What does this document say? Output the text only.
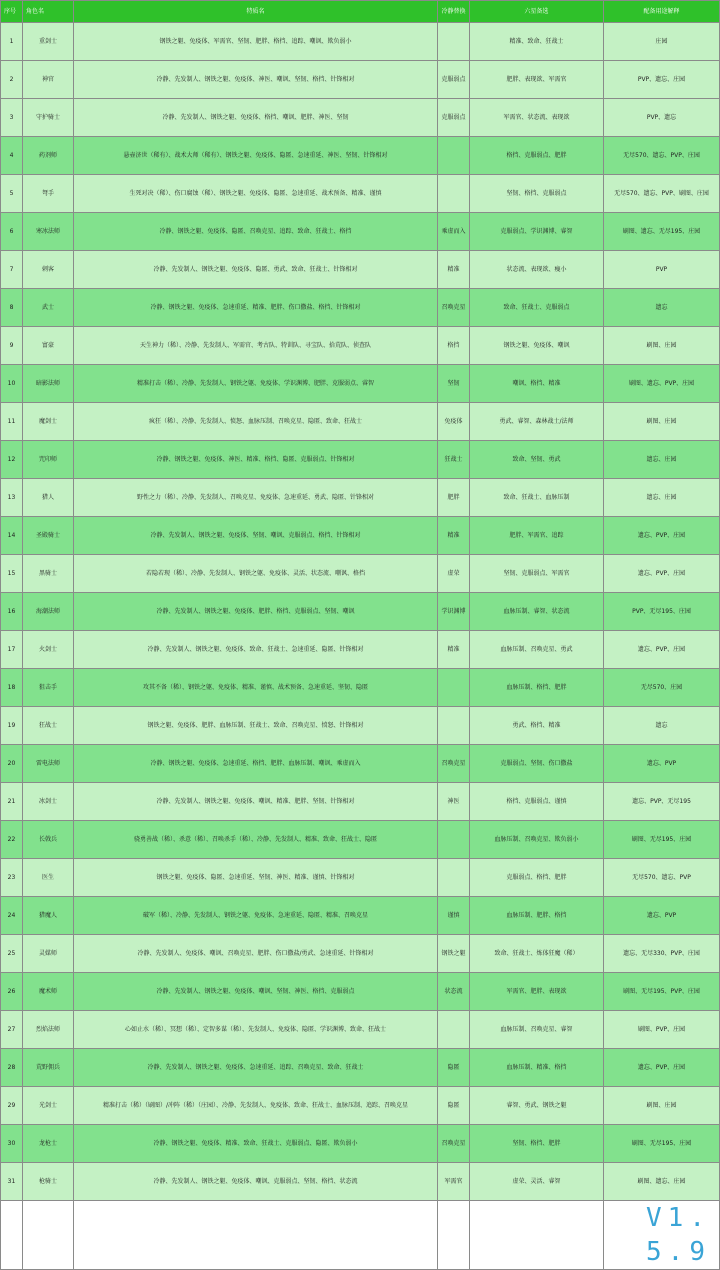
序号	角色名	特质名	冷静替换	六星备选	配备用途解释
1	重剑士	钢铁之躯、免疫体、军需官、坚韧、肥胖、格挡、追踪、嘲讽、欺负弱小		精准、致命、狂战士	庄园
2	神官	冷静、先发制人、钢铁之躯、免疫体、神医、嘲讽、坚韧、格挡、针锋相对	克服弱点	肥胖、表现欲、军需官	PVP、遗忘、庄园
3	守护骑士	冷静、先发制人、钢铁之躯、免疫体、格挡、嘲讽、肥胖、神医、坚韧	克服弱点	军需官、状态流、表现欲	PVP、遗忘
4	药剂师	悬壶济世（稀有）、战术大师（稀有）、钢铁之躯、免疫体、隐匿、急速重延、神医、坚韧、针锋相对		格挡、克服弱点、肥胖	无尽570、遗忘、PVP、庄园
5	弩手	生死对决（稀）、伤口腐蚀（稀）、钢铁之躯、免疫体、隐匿、急速重延、战术预备、精准、谨慎		坚韧、格挡、克服弱点	无尽570、遗忘、PVP、刷图、庄园
6	寒冰法师	冷静、钢铁之躯、免疫体、隐匿、召唤克星、追踪、致命、狂战士、格挡	乘虚而入	克服弱点、学识渊博、睿智	刷图、遗忘、无尽195、庄园
7	刺客	冷静、先发制人、钢铁之躯、免疫体、隐匿、勇武、致命、狂战士、针锋相对	精准	状态流、表现欲、瘦小	PVP
8	武士	冷静、钢铁之躯、免疫体、急速重延、精准、肥胖、伤口撒盐、格挡、针锋相对	召唤克星	致命、狂战士、克服弱点	遗忘
9	富豪	天生神力（稀）、冷静、先发制人、军需官、考古队、特训队、寻宝队、拾荒队、侦查队	格挡	钢铁之躯、免疫体、嘲讽	刷图、庄园
10	暗影法师	精准打击（稀）、冷静、先发制人、钢铁之躯、免疫体、学识渊博、肥胖、克服弱点、睿智	坚韧	嘲讽、格挡、精准	刷图、遗忘、PVP、庄园
11	魔剑士	疯狂（稀）、冷静、先发制人、愤怒、血脉压制、召唤克星、隐匿、致命、狂战士	免疫体	勇武、睿智、森林战士/法师	刷图、庄园
12	咒印师	冷静、钢铁之躯、免疫体、神医、精准、格挡、隐匿、克服弱点、针锋相对	狂战士	致命、坚韧、勇武	遗忘、庄园
13	猎人	野性之力（稀）、冷静、先发制人、召唤克星、免疫体、急速重延、勇武、隐匿、针锋相对	肥胖	致命、狂战士、血脉压制	遗忘、庄园
14	圣殿骑士	冷静、先发制人、钢铁之躯、免疫体、坚韧、嘲讽、克服弱点、格挡、针锋相对	精准	肥胖、军需官、追踪	遗忘、PVP、庄园
15	黑骑士	若隐若现（稀）、冷静、先发制人、钢铁之躯、免疫体、灵活、状态流、嘲讽、格挡	虚荣	坚韧、克服弱点、军需官	遗忘、PVP、庄园
16	海潮法师	冷静、先发制人、钢铁之躯、免疫体、肥胖、格挡、克服弱点、坚韧、嘲讽	学识渊博	血脉压制、睿智、状态流	PVP、无尽195、庄园
17	火剑士	冷静、先发制人、钢铁之躯、免疫体、致命、狂战士、急速重延、隐匿、针锋相对	精准	血脉压制、召唤克星、勇武	遗忘、PVP、庄园
18	狙击手	攻其不备（稀）、钢铁之躯、免疫体、精准、谨慎、战术预备、急速重延、坚韧、隐匿		血脉压制、格挡、肥胖	无尽570、庄园
19	狂战士	钢铁之躯、免疫体、肥胖、血脉压制、狂战士、致命、召唤克星、愤怒、针锋相对		勇武、格挡、精准	遗忘
20	雷电法师	冷静、钢铁之躯、免疫体、急速重延、格挡、肥胖、血脉压制、嘲讽、乘虚而入	召唤克星	克服弱点、坚韧、伤口撒盐	遗忘、PVP
21	冰剑士	冷静、先发制人、钢铁之躯、免疫体、嘲讽、精准、肥胖、坚韧、针锋相对	神医	格挡、克服弱点、谨慎	遗忘、PVP、无尽195
22	长戟兵	骁勇善战（稀）、杀意（稀）、召唤杀手（稀）、冷静、先发制人、精准、致命、狂战士、隐匿		血脉压制、召唤克星、欺负弱小	刷图、无尽195、庄园
23	医生	钢铁之躯、免疫体、隐匿、急速重延、坚韧、神医、精准、谨慎、针锋相对		克服弱点、格挡、肥胖	无尽570、遗忘、PVP
24	猎魔人	破军（稀）、冷静、先发制人、钢铁之躯、免疫体、急速重延、隐匿、精准、召唤克星	谨慎	血脉压制、肥胖、格挡	遗忘、PVP
25	灵媒师	冷静、先发制人、免疫体、嘲讽、召唤克星、肥胖、伤口撒盐/勇武、急速重延、针锋相对	钢铁之躯	致命、狂战士、炼体狂魔（稀）	遗忘、无尽330、PVP、庄园
26	魔术师	冷静、先发制人、钢铁之躯、免疫体、嘲讽、坚韧、神医、格挡、克服弱点	状态流	军需官、肥胖、表现欲	刷图、无尽195、PVP、庄园
27	烈焰法师	心如止水（稀）、冥想（稀）、定智多谋（稀）、先发制人、免疫体、隐匿、学识渊博、致命、狂战士		血脉压制、召唤克星、睿智	刷图、PVP、庄园
28	荒野佣兵	冷静、先发制人、钢铁之躯、免疫体、急速重延、追踪、召唤克星、致命、狂战士	隐匿	血脉压制、精准、格挡	遗忘、PVP、庄园
29	光剑士	精准打击（稀）（刷图）/冲阵（稀）（庄园）、冷静、先发制人、免疫体、致命、狂战士、血脉压制、追踪、召唤克星	隐匿	睿智、勇武、钢铁之躯	刷图、庄园
30	龙枪士	冷静、钢铁之躯、免疫体、精准、致命、狂战士、克服弱点、隐匿、欺负弱小	召唤克星	坚韧、格挡、肥胖	刷图、无尽195、庄园
31	枪骑士	冷静、先发制人、钢铁之躯、免疫体、嘲讽、克服弱点、坚韧、格挡、状态流	军需官	虚荣、灵活、睿智	刷图、遗忘、庄园
					V1.5.9
